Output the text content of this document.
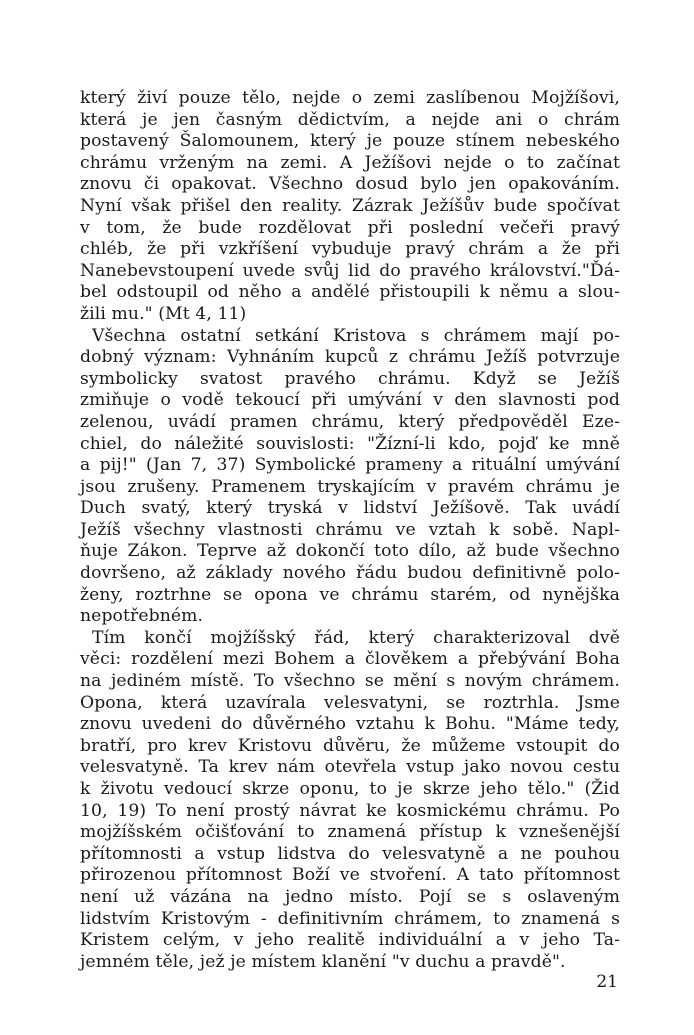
který živí pouze tělo, nejde o zemi zaslíbenou Mojžíšovi,
která je jen časným dědictvím, a nejde ani o chrám
postavený Šalomounem, který je pouze stínem nebeského
chrámu vrženým na zemi. A Ježíšovi nejde o to začínat
znovu či opakovat. Všechno dosud bylo jen opakováním.
Nyní však přišel den reality. Zázrak Ježíšův bude spočívat
v tom, že bude rozdělovat při poslední večeři pravý
chléb, že při vzkříšení vybuduje pravý chrám a že při
Nanebevstoupení uvede svůj lid do pravého království."Ďá-
bel odstoupil od něho a andělé přistoupili k němu a slou-
žili mu." (Mt 4, 11)
Všechna ostatní setkání Kristova s chrámem mají po-
dobný význam: Vyhnáním kupců z chrámu Ježíš potvrzuje
symbolicky svatost pravého chrámu. Když se Ježíš
zmiňuje o vodě tekoucí při umývání v den slavnosti pod
zelenou, uvádí pramen chrámu, který předpověděl Eze-
chiel, do náležité souvislosti: "Žízní-li kdo, pojď ke mně
a pij!" (Jan 7, 37) Symbolické prameny a rituální umývání
jsou zrušeny. Pramenem tryskajícím v pravém chrámu je
Duch svatý, který tryská v lidství Ježíšově. Tak uvádí
Ježíš všechny vlastnosti chrámu ve vztah k sobě. Napl-
ňuje Zákon. Teprve až dokončí toto dílo, až bude všechno
dovršeno, až základy nového řádu budou definitivně polo-
ženy, roztrhne se opona ve chrámu starém, od nynějška
nepotřebném.
Tím končí mojžíšský řád, který charakterizoval dvě
věci: rozdělení mezi Bohem a člověkem a přebývání Boha
na jediném místě. To všechno se mění s novým chrámem.
Opona, která uzavírala velesvatyni, se roztrhla. Jsme
znovu uvedeni do důvěrného vztahu k Bohu. "Máme tedy,
bratří, pro krev Kristovu důvěru, že můžeme vstoupit do
velesvatyně. Ta krev nám otevřela vstup jako novou cestu
k životu vedoucí skrze oponu, to je skrze jeho tělo." (Žid
10, 19) To není prostý návrat ke kosmickému chrámu. Po
mojžíšském očišťování to znamená přístup k vznešenější
přítomnosti a vstup lidstva do velesvatyně a ne pouhou
přirozenou přítomnost Boží ve stvoření. A tato přítomnost
není už vázána na jedno místo. Pojí se s oslaveným
lidstvím Kristovým - definitivním chrámem, to znamená s
Kristem celým, v jeho realitě individuální a v jeho Ta-
jemném těle, jež je místem klanění "v duchu a pravdě".
21
